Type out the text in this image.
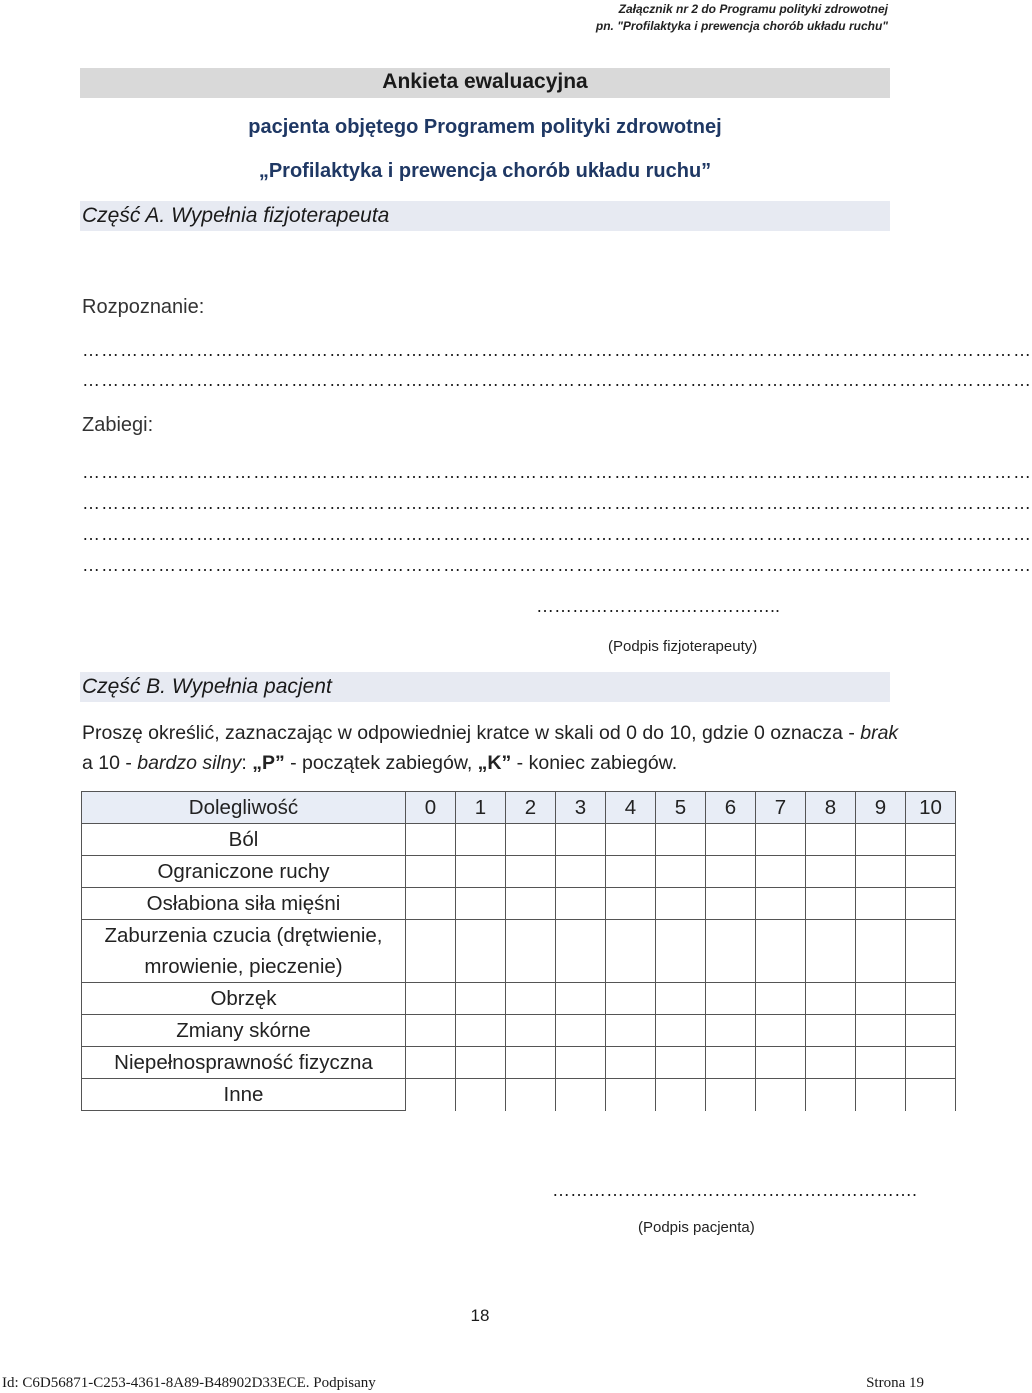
Załącznik nr 2 do Programu polityki zdrowotnej
pn. "Profilaktyka i prewencja chorób układu ruchu"
Ankieta ewaluacyjna
pacjenta objętego Programem polityki zdrowotnej
„Profilaktyka i prewencja chorób układu ruchu”
Część A. Wypełnia fizjoterapeuta
Rozpoznanie:
……………………………………………………………………………………………………………………………………
……………………………………………………………………………………………………………………………………
Zabiegi:
……………………………………………………………………………………………………………………………………
……………………………………………………………………………………………………………………………………
……………………………………………………………………………………………………………………………………
……………………………………………………………………………………………………………………………………
…………………………………..
(Podpis fizjoterapeuty)
Część B. Wypełnia pacjent
Proszę określić, zaznaczając w odpowiedniej kratce w skali od 0 do 10, gdzie 0 oznacza - brak a 10 - bardzo silny: „P” - początek zabiegów, „K” - koniec zabiegów.
Dolegliwość	0	1	2	3	4	5	6	7	8	9	10
Ból											
Ograniczone ruchy											
Osłabiona siła mięśni											
Zaburzenia czucia (drętwienie, mrowienie, pieczenie)											
Obrzęk											
Zmiany skórne											
Niepełnosprawność fizyczna											
Inne											
…………………………………………………….
(Podpis pacjenta)
18
Id: C6D56871-C253-4361-8A89-B48902D33ECE. Podpisany	Strona 19
